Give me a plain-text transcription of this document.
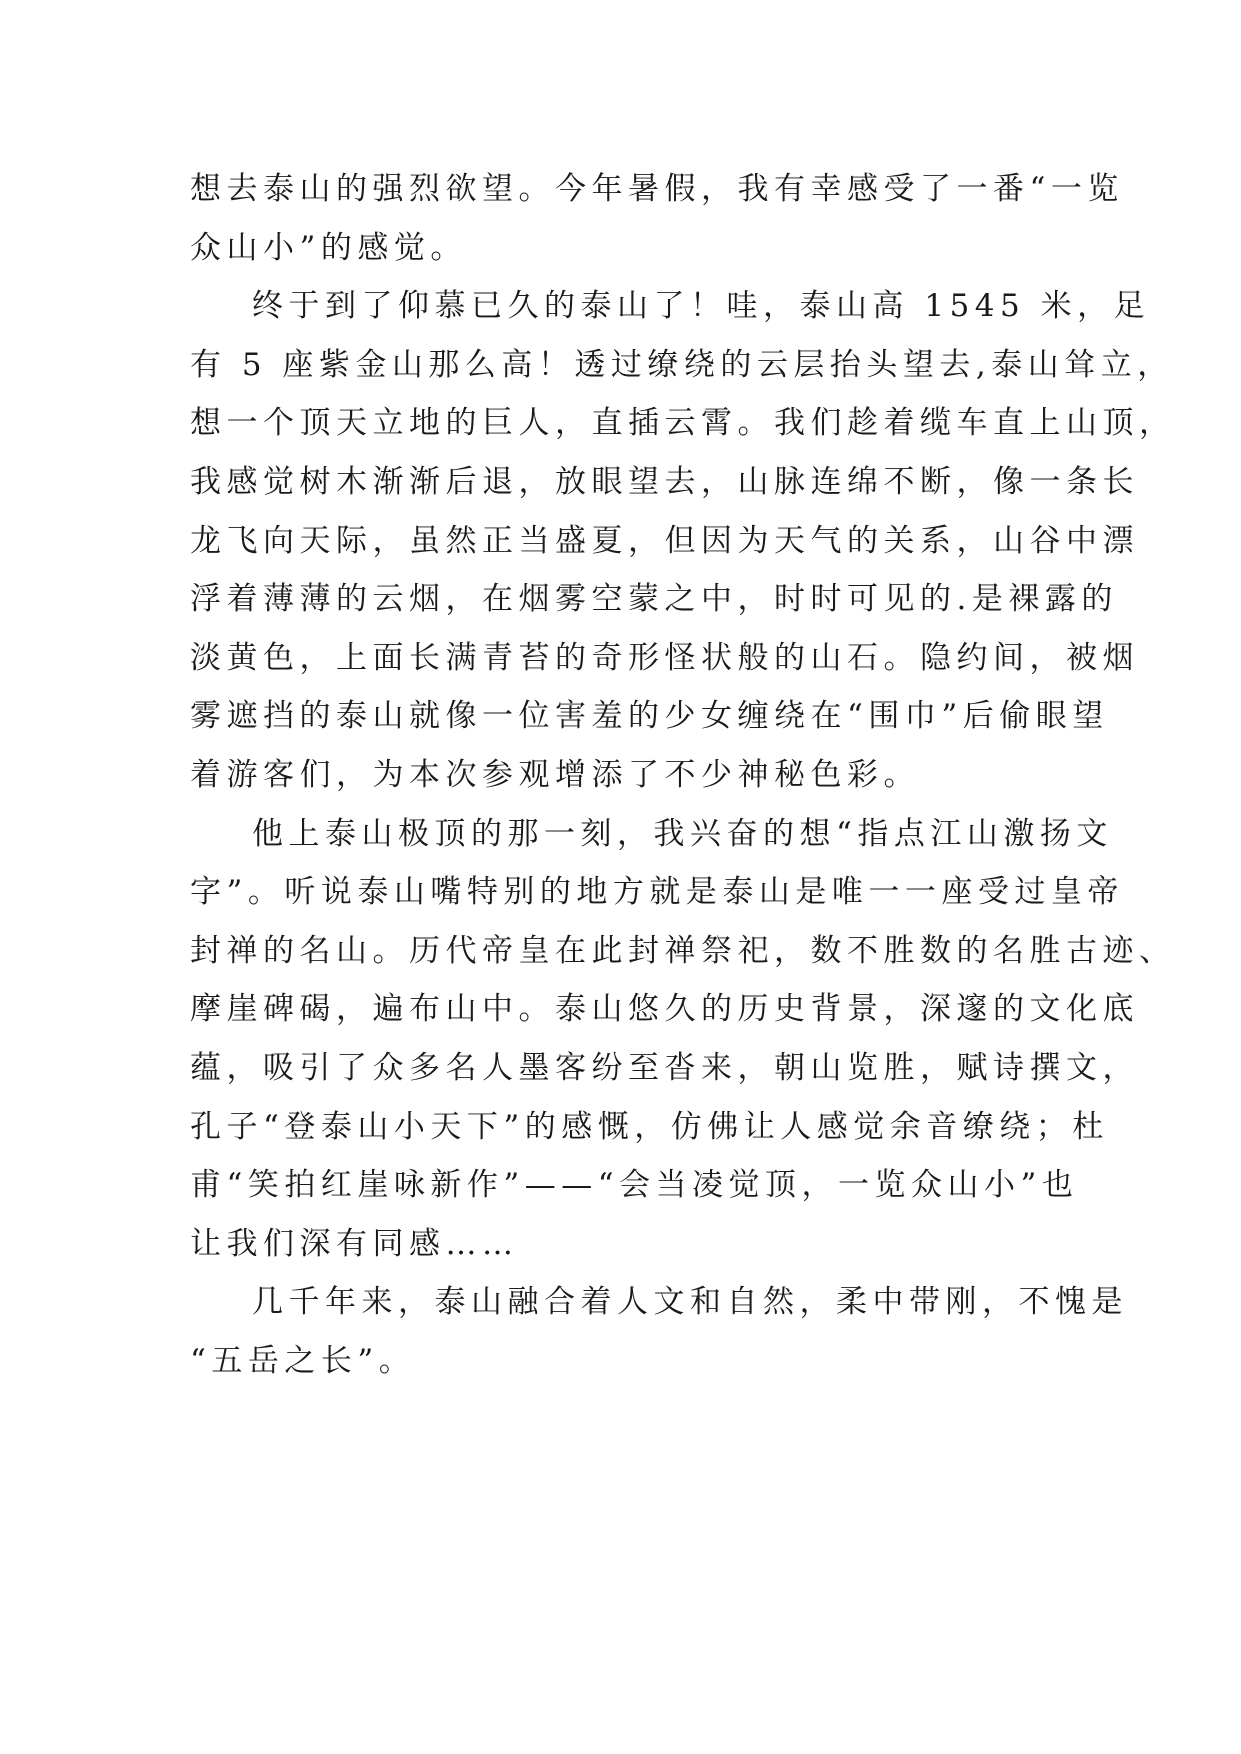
想去泰山的强烈欲望。今年暑假，我有幸感受了一番“一览
众山小”的感觉。
终于到了仰慕已久的泰山了！哇，泰山高 1545 米，足
有 5 座紫金山那么高！透过缭绕的云层抬头望去,泰山耸立，
想一个顶天立地的巨人，直插云霄。我们趁着缆车直上山顶，
我感觉树木渐渐后退，放眼望去，山脉连绵不断，像一条长
龙飞向天际，虽然正当盛夏，但因为天气的关系，山谷中漂
浮着薄薄的云烟，在烟雾空蒙之中，时时可见的.是裸露的
淡黄色，上面长满青苔的奇形怪状般的山石。隐约间，被烟
雾遮挡的泰山就像一位害羞的少女缠绕在“围巾”后偷眼望
着游客们，为本次参观增添了不少神秘色彩。
他上泰山极顶的那一刻，我兴奋的想“指点江山激扬文
字”。听说泰山嘴特别的地方就是泰山是唯一一座受过皇帝
封禅的名山。历代帝皇在此封禅祭祀，数不胜数的名胜古迹、
摩崖碑碣，遍布山中。泰山悠久的历史背景，深邃的文化底
蕴，吸引了众多名人墨客纷至沓来，朝山览胜，赋诗撰文，
孔子“登泰山小天下”的感慨，仿佛让人感觉余音缭绕；杜
甫“笑拍红崖咏新作”——“会当凌觉顶，一览众山小”也
让我们深有同感……
几千年来，泰山融合着人文和自然，柔中带刚，不愧是
“五岳之长”。
